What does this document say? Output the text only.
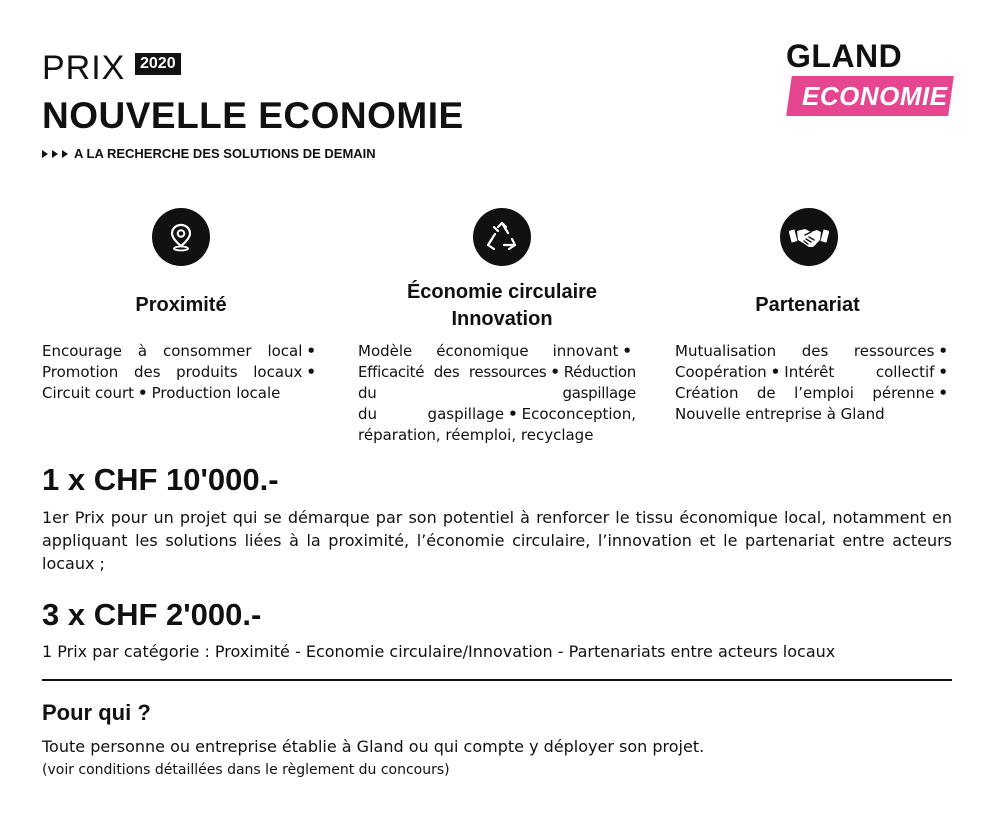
PRIX 2020
NOUVELLE ECONOMIE
A LA RECHERCHE DES SOLUTIONS DE DEMAIN
GLAND
ECONOMIE
Proximité
Encourage à consommer local •
Promotion des produits locaux •
Circuit court • Production locale
Économie circulaire
Innovation
Modèle économique innovant •
Efficacité des ressources • Réduction du gaspillage
du gaspillage • Ecoconception,
réparation, réemploi, recyclage
Partenariat
Mutualisation des ressources •
Coopération • Intérêt collectif •
Création de l’emploi pérenne •
Nouvelle entreprise à Gland
1 x CHF 10'000.-
1er Prix pour un projet qui se démarque par son potentiel à renforcer le tissu économique local, notamment en appliquant les solutions liées à la proximité, l’économie circulaire, l’innovation et le partenariat entre acteurs locaux ;
3 x CHF 2'000.-
1 Prix par catégorie : Proximité - Economie circulaire/Innovation - Partenariats entre acteurs locaux
Pour qui ?
Toute personne ou entreprise établie à Gland ou qui compte y déployer son projet.
(voir conditions détaillées dans le règlement du concours)
